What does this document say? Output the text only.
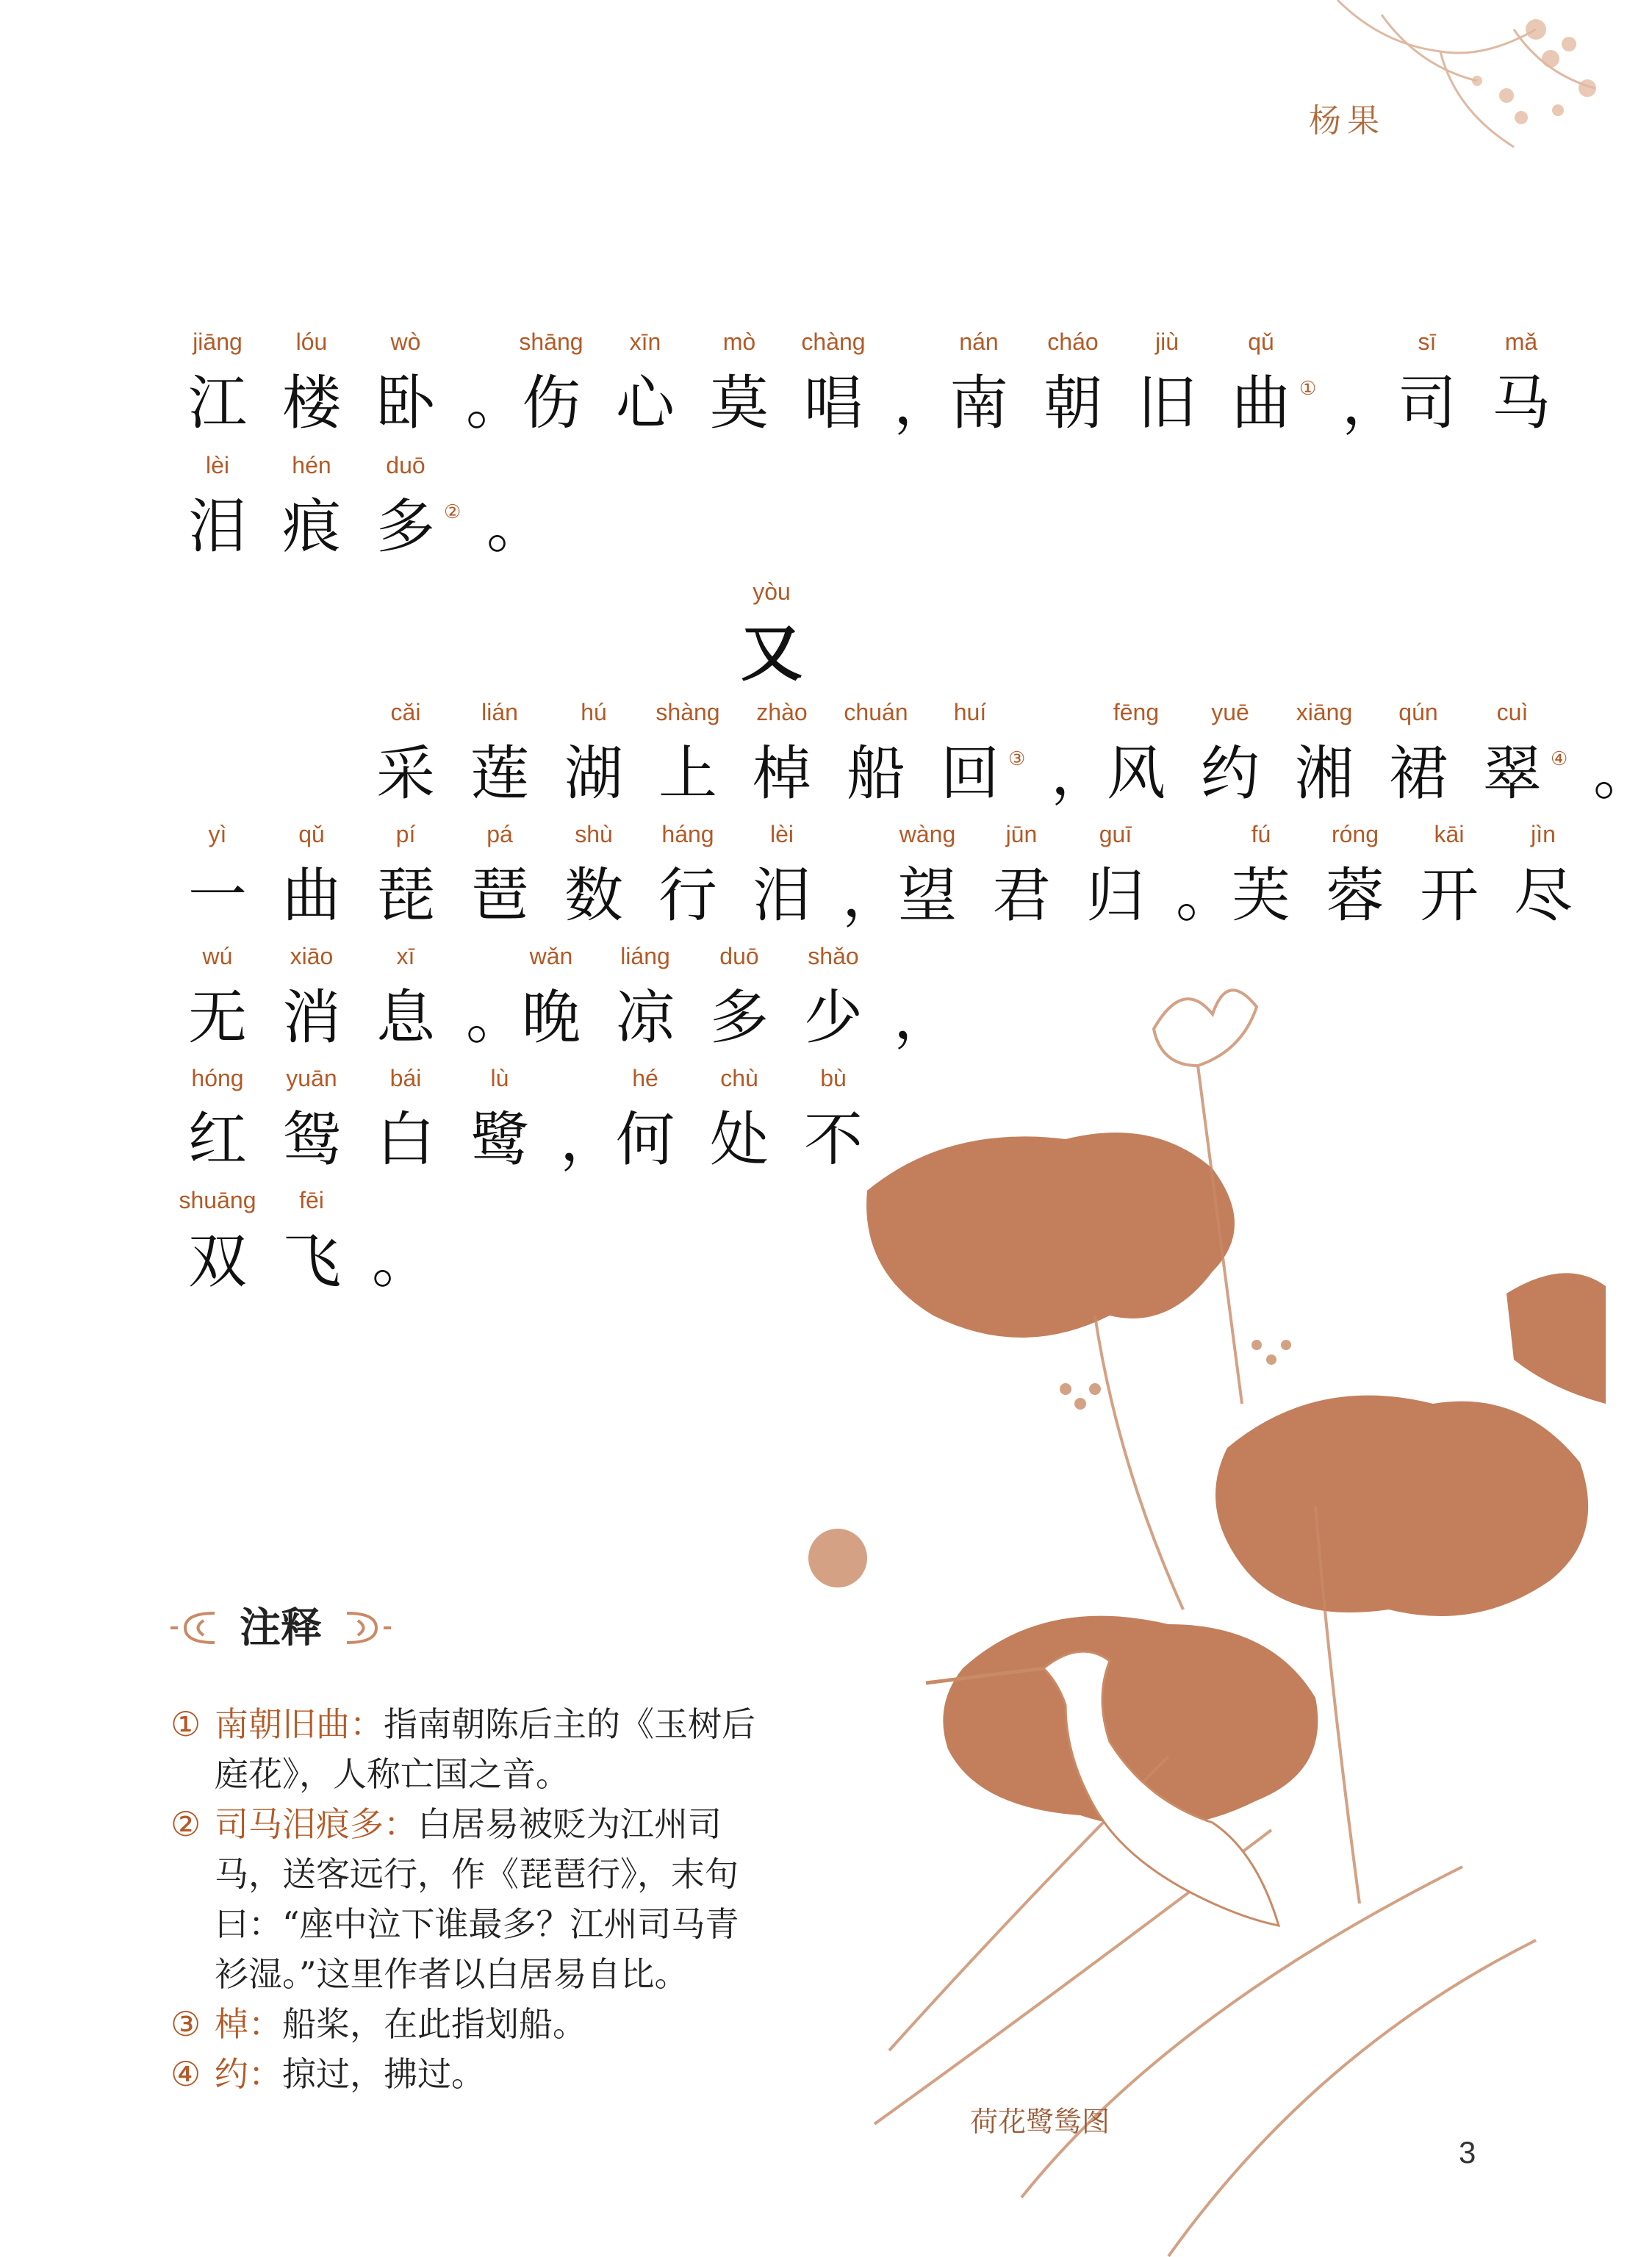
杨果
jiāng
江
lóu
楼
wò
卧 。
shāng
伤
xīn
心
mò
莫
chàng
唱 ，
nán
南
cháo
朝
jiù
旧
qǔ
曲 ① ，
sī
司
mǎ
马
lèi
泪
hén
痕
duō
多 ② 。
cǎi
采
lián
莲
hú
湖
shàng
上
zhào
棹
chuán
船
huí
回 ③ ，
fēng
风
yuē
约
xiāng
湘
qún
裙
cuì
翠 ④ 。
yì
一
qǔ
曲
pí
琵
pá
琶
shù
数
háng
行
lèi
泪 ，
wàng
望
jūn
君
guī
归 。
fú
芙
róng
蓉
kāi
开
jìn
尽
wú
无
xiāo
消
xī
息 。
wǎn
晚
liáng
凉
duō
多
shǎo
少 ，
hóng
红
yuān
鸳
bái
白
lù
鹭 ，
hé
何
chù
处
bù
不
shuāng
双
fēi
飞 。
yòu
又
注释
① 南朝旧曲：指南朝陈后主的《玉树后
庭花》，人称亡国之音。
② 司马泪痕多：白居易被贬为江州司
马，送客远行，作《琵琶行》，末句
曰：“座中泣下谁最多？江州司马青
衫湿。”这里作者以白居易自比。
③ 棹：船桨，在此指划船。
④ 约：掠过，拂过。
荷花鹭鸶图
3
